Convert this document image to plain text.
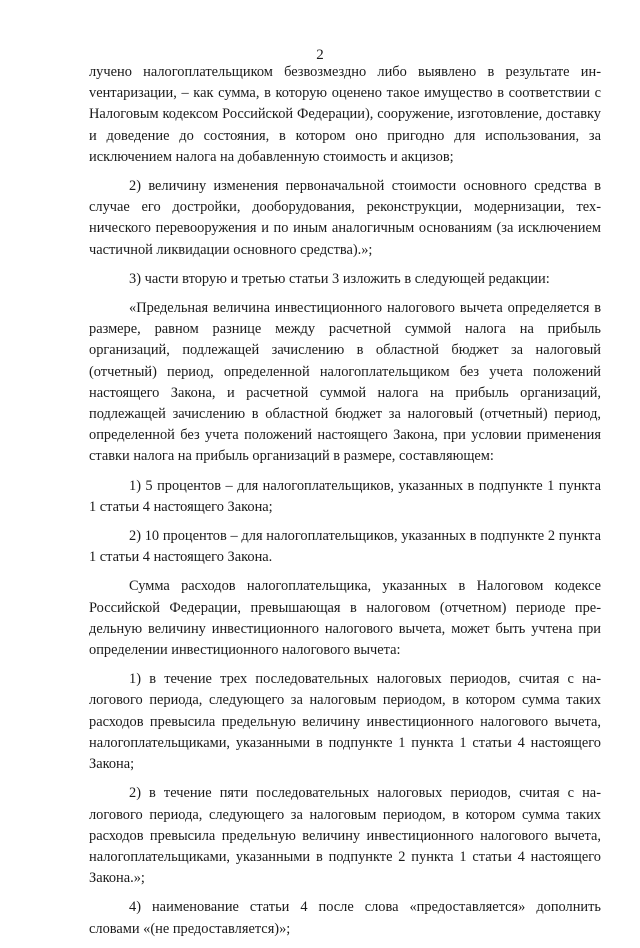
2

лучено налогоплательщиком безвозмездно либо выявлено в результате инvентаризации, – как сумма, в которую оценено такое имущество в соответствии с Налоговым кодексом Российской Федерации), сооружение, изготовление, доставку и доведение до состояния, в котором оно пригодно для использования, за исключением налога на добавленную стоимость и акцизов;

2) величину изменения первоначальной стоимости основного средства в случае его достройки, дооборудования, реконструкции, модернизации, технического перевооружения и по иным аналогичным основаниям (за исключением частичной ликвидации основного средства).»;

3) части вторую и третью статьи 3 изложить в следующей редакции:

«Предельная величина инвестиционного налогового вычета определяется в размере, равном разнице между расчетной суммой налога на прибыль организаций, подлежащей зачислению в областной бюджет за налоговый (отчетный) период, определенной налогоплательщиком без учета положений настоящего Закона, и расчетной суммой налога на прибыль организаций, подлежащей зачислению в областной бюджет за налоговый (отчетный) период, определенной без учета положений настоящего Закона, при условии применения ставки налога на прибыль организаций в размере, составляющем:

1) 5 процентов – для налогоплательщиков, указанных в подпункте 1 пункта 1 статьи 4 настоящего Закона;

2) 10 процентов – для налогоплательщиков, указанных в подпункте 2 пункта 1 статьи 4 настоящего Закона.

Сумма расходов налогоплательщика, указанных в Налоговом кодексе Российской Федерации, превышающая в налоговом (отчетном) периоде предельную величину инвестиционного налогового вычета, может быть учтена при определении инвестиционного налогового вычета:

1) в течение трех последовательных налоговых периодов, считая с налогового периода, следующего за налоговым периодом, в котором сумма таких расходов превысила предельную величину инвестиционного налогового вычета, налогоплательщиками, указанными в подпункте 1 пункта 1 статьи 4 настоящего Закона;

2) в течение пяти последовательных налоговых периодов, считая с налогового периода, следующего за налоговым периодом, в котором сумма таких расходов превысила предельную величину инвестиционного налогового вычета, налогоплательщиками, указанными в подпункте 2 пункта 1 статьи 4 настоящего Закона.»;

4) наименование статьи 4 после слова «предоставляется» дополнить словами «(не предоставляется)»;
